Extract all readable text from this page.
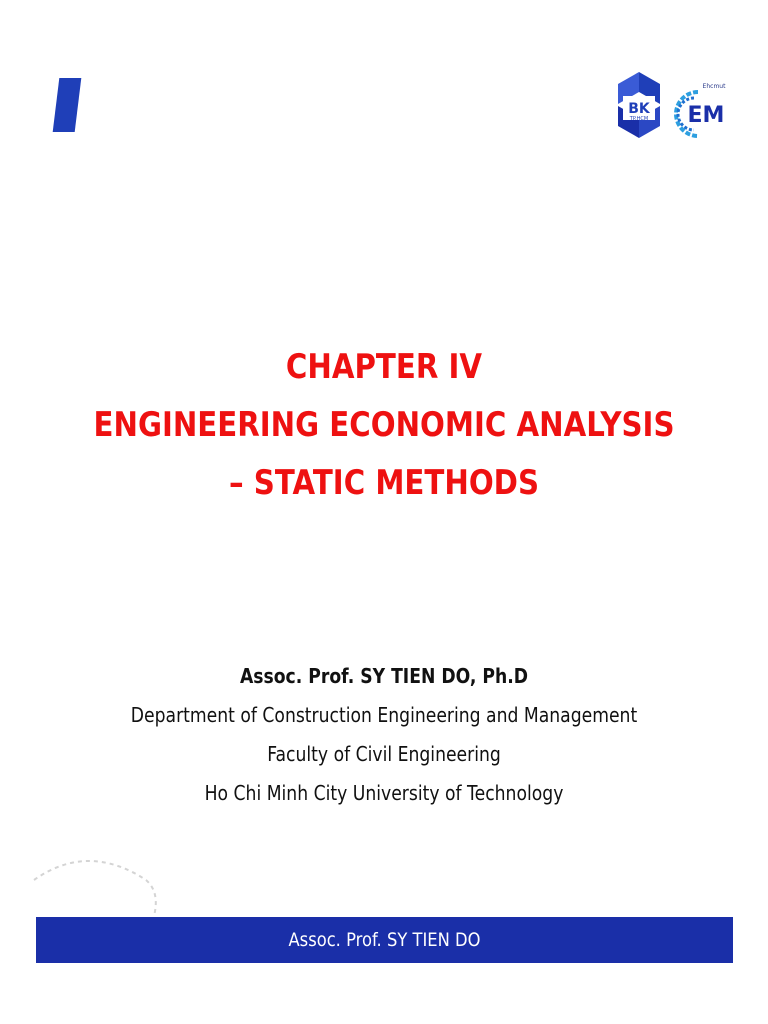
BK
TP.HCM
Ehcmut
EM
CHAPTER IV
ENGINEERING ECONOMIC ANALYSIS
– STATIC METHODS
Assoc. Prof. SY TIEN DO, Ph.D
Department of Construction Engineering and Management
Faculty of Civil Engineering
Ho Chi Minh City University of Technology
Assoc. Prof. SY TIEN DO
